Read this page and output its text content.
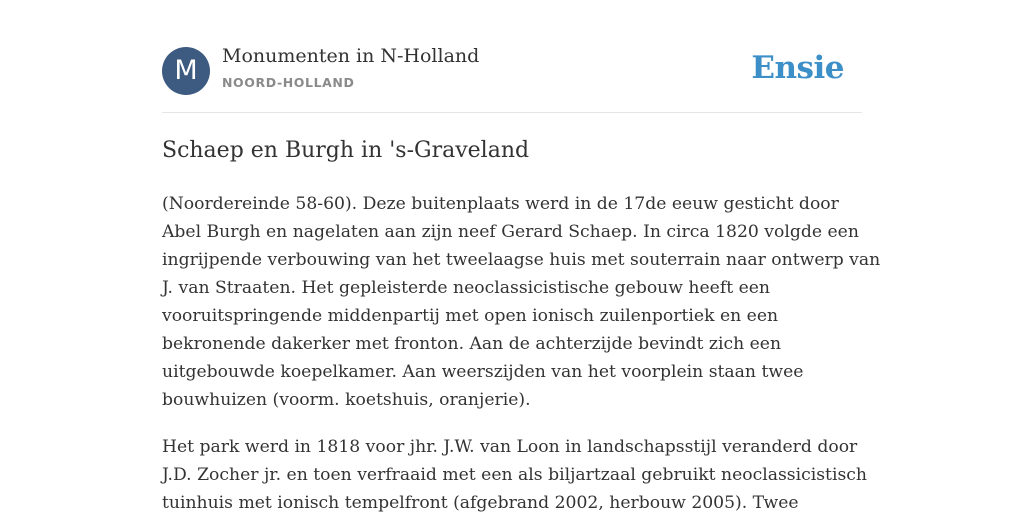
M	Monumenten in N-Holland
NOORD-HOLLAND	Ensie
Schaep en Burgh in 's-Graveland

(Noordereinde 58-60). Deze buitenplaats werd in de 17de eeuw gesticht door
Abel Burgh en nagelaten aan zijn neef Gerard Schaep. In circa 1820 volgde een
ingrijpende verbouwing van het tweelaagse huis met souterrain naar ontwerp van
J. van Straaten. Het gepleisterde neoclassicistische gebouw heeft een
vooruitspringende middenpartij met open ionisch zuilenportiek en een
bekronende dakerker met fronton. Aan de achterzijde bevindt zich een
uitgebouwde koepelkamer. Aan weerszijden van het voorplein staan twee
bouwhuizen (voorm. koetshuis, oranjerie).

Het park werd in 1818 voor jhr. J.W. van Loon in landschapsstijl veranderd door
J.D. Zocher jr. en toen verfraaid met een als biljartzaal gebruikt neoclassicistisch
tuinhuis met ionisch tempelfront (afgebrand 2002, herbouw 2005). Twee
